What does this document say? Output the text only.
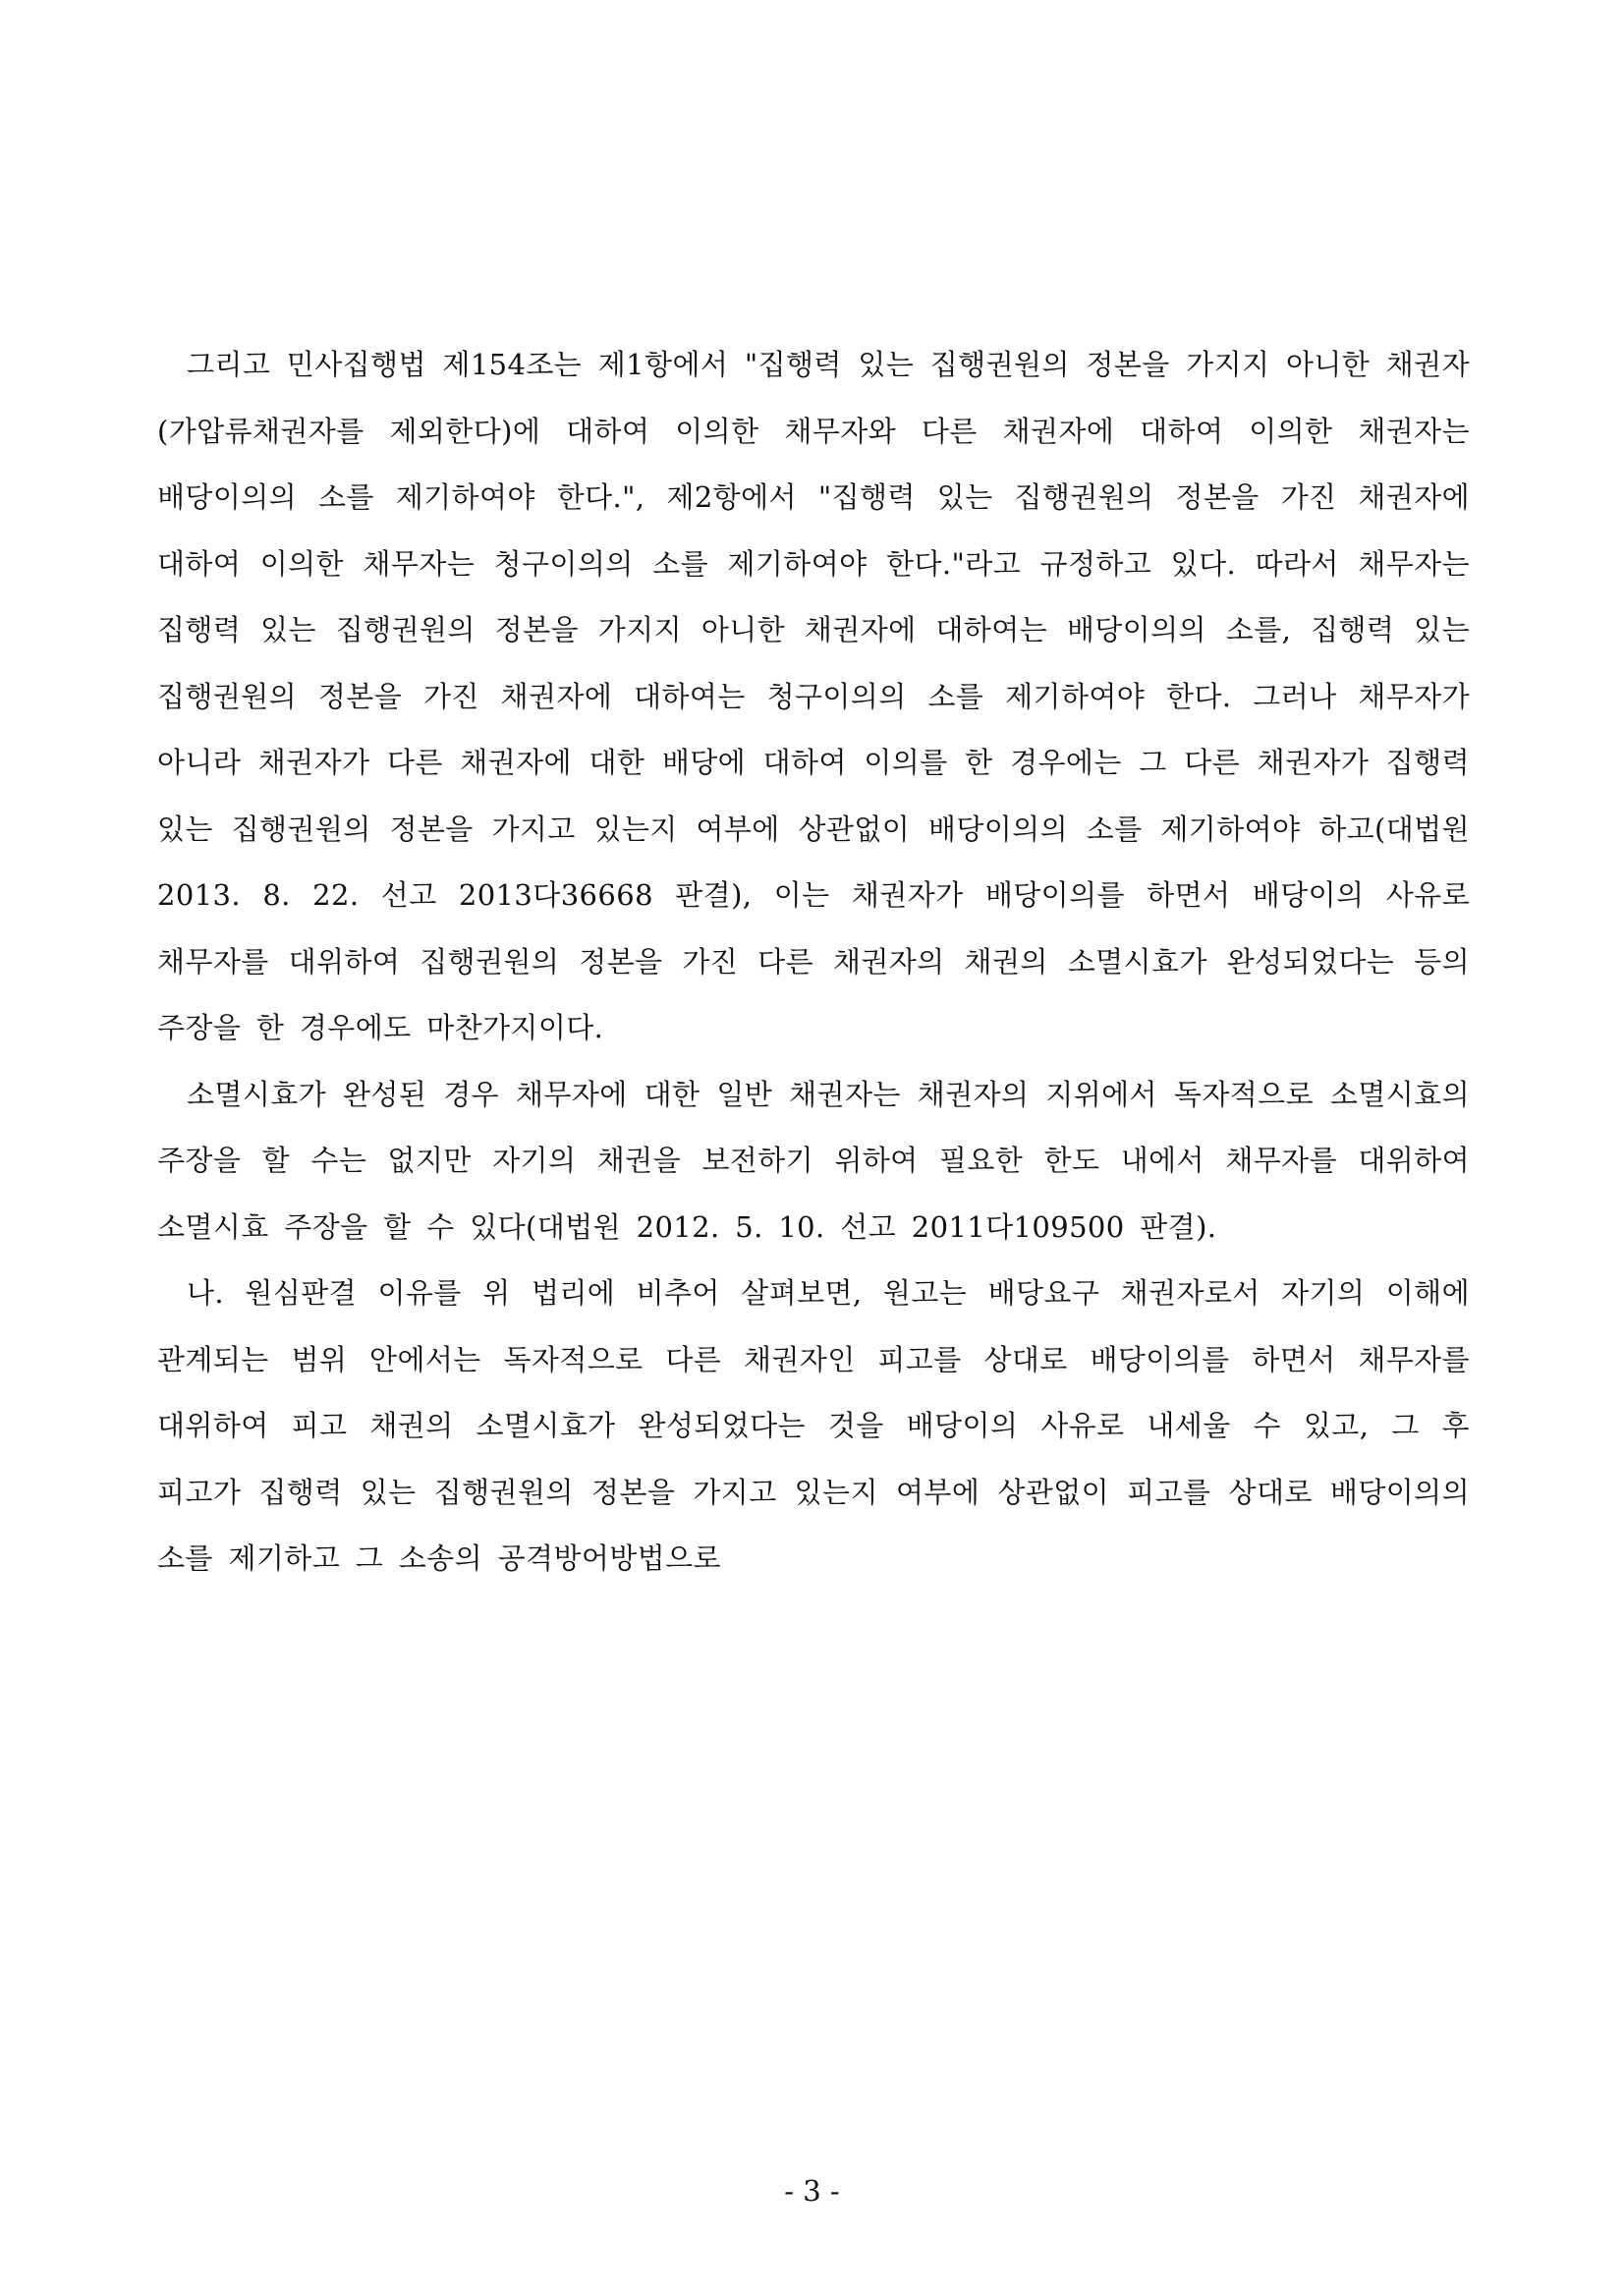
그리고 민사집행법 제154조는 제1항에서 "집행력 있는 집행권원의 정본을 가지지 아니한 채권자(가압류채권자를 제외한다)에 대하여 이의한 채무자와 다른 채권자에 대하여 이의한 채권자는 배당이의의 소를 제기하여야 한다.", 제2항에서 "집행력 있는 집행권원의 정본을 가진 채권자에 대하여 이의한 채무자는 청구이의의 소를 제기하여야 한다."라고 규정하고 있다. 따라서 채무자는 집행력 있는 집행권원의 정본을 가지지 아니한 채권자에 대하여는 배당이의의 소를, 집행력 있는 집행권원의 정본을 가진 채권자에 대하여는 청구이의의 소를 제기하여야 한다. 그러나 채무자가 아니라 채권자가 다른 채권자에 대한 배당에 대하여 이의를 한 경우에는 그 다른 채권자가 집행력 있는 집행권원의 정본을 가지고 있는지 여부에 상관없이 배당이의의 소를 제기하여야 하고(대법원 2013. 8. 22. 선고 2013다36668 판결), 이는 채권자가 배당이의를 하면서 배당이의 사유로 채무자를 대위하여 집행권원의 정본을 가진 다른 채권자의 채권의 소멸시효가 완성되었다는 등의 주장을 한 경우에도 마찬가지이다.

소멸시효가 완성된 경우 채무자에 대한 일반 채권자는 채권자의 지위에서 독자적으로 소멸시효의 주장을 할 수는 없지만 자기의 채권을 보전하기 위하여 필요한 한도 내에서 채무자를 대위하여 소멸시효 주장을 할 수 있다(대법원 2012. 5. 10. 선고 2011다109500 판결).

나. 원심판결 이유를 위 법리에 비추어 살펴보면, 원고는 배당요구 채권자로서 자기의 이해에 관계되는 범위 안에서는 독자적으로 다른 채권자인 피고를 상대로 배당이의를 하면서 채무자를 대위하여 피고 채권의 소멸시효가 완성되었다는 것을 배당이의 사유로 내세울 수 있고, 그 후 피고가 집행력 있는 집행권원의 정본을 가지고 있는지 여부에 상관없이 피고를 상대로 배당이의의 소를 제기하고 그 소송의 공격방어방법으로

- 3 -
